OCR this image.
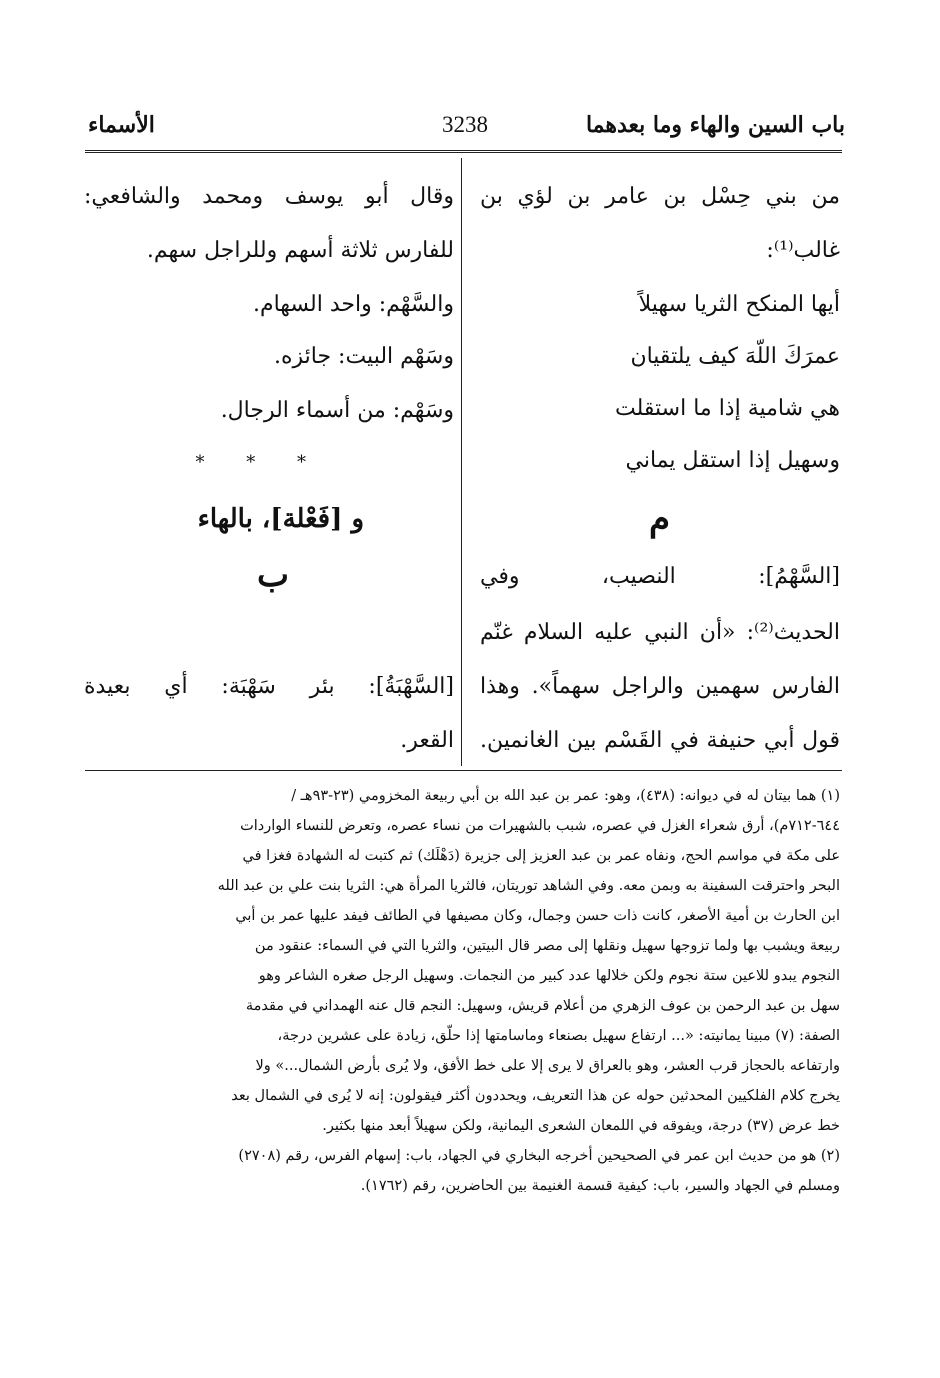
باب السين والهاء وما بعدهما
3238
الأسماء
من بني حِسْل بن عامر بن لؤي بن
غالب⁽¹⁾:
أيها المنكح الثريا سهيلاً
عمرَكَ اللّهَ كيف يلتقيان
هي شامية إذا ما استقلت
وسهيل إذا استقل يماني
م
[السَّهْمُ]: النصيب، وفي
الحديث⁽²⁾: «أن النبي عليه السلام غنّم
الفارس سهمين والراجل سهماً». وهذا
قول أبي حنيفة في القَسْم بين الغانمين.
وقال أبو يوسف ومحمد والشافعي:
للفارس ثلاثة أسهم وللراجل سهم.
والسَّهْم: واحد السهام.
وسَهْم البيت: جائزه.
وسَهْم: من أسماء الرجال.
* * *
و [فَعْلة]، بالهاء
ب
[السَّهْبَةُ]: بئر سَهْبَة: أي بعيدة
القعر.
(١) هما بيتان له في ديوانه: (٤٣٨)، وهو: عمر بن عبد الله بن أبي ربيعة المخزومي (٢٣-٩٣هـ /
٦٤٤-٧١٢م)، أرق شعراء الغزل في عصره، شبب بالشهيرات من نساء عصره، وتعرض للنساء الواردات
على مكة في مواسم الحج، ونفاه عمر بن عبد العزيز إلى جزيرة (دَهْلَك) ثم كتبت له الشهادة فغزا في
البحر واحترقت السفينة به وبمن معه. وفي الشاهد توريتان، فالثريا المرأة هي: الثريا بنت علي بن عبد الله
ابن الحارث بن أمية الأصغر، كانت ذات حسن وجمال، وكان مصيفها في الطائف فيفد عليها عمر بن أبي
ربيعة ويشبب بها ولما تزوجها سهيل ونقلها إلى مصر قال البيتين، والثريا التي في السماء: عنقود من
النجوم يبدو للاعين ستة نجوم ولكن خلالها عدد كبير من النجمات. وسهيل الرجل صغره الشاعر وهو
سهل بن عبد الرحمن بن عوف الزهري من أعلام قريش، وسهيل: النجم قال عنه الهمداني في مقدمة
الصفة: (٧) مبينا يمانيته: «... ارتفاع سهيل بصنعاء وماسامتها إذا حلّق، زيادة على عشرين درجة،
وارتفاعه بالحجاز قرب العشر، وهو بالعراق لا يرى إلا على خط الأفق، ولا يُرى بأرض الشمال...» ولا
يخرج كلام الفلكيين المحدثين حوله عن هذا التعريف، ويحددون أكثر فيقولون: إنه لا يُرى في الشمال بعد
خط عرض (٣٧) درجة، ويفوقه في اللمعان الشعرى اليمانية، ولكن سهيلاً أبعد منها بكثير.
(٢) هو من حديث ابن عمر في الصحيحين أخرجه البخاري في الجهاد، باب: إسهام الفرس، رقم (٢٧٠٨)
ومسلم في الجهاد والسير، باب: كيفية قسمة الغنيمة بين الحاضرين، رقم (١٧٦٢).
